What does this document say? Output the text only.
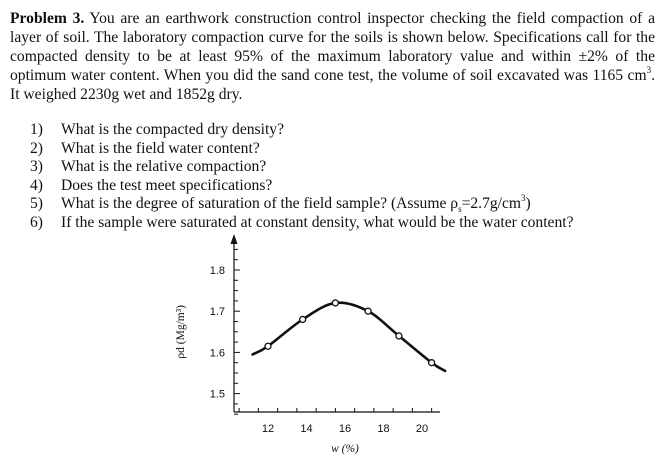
Problem 3. You are an earthwork construction control inspector checking the field compaction of a layer of soil. The laboratory compaction curve for the soils is shown below. Specifications call for the compacted density to be at least 95% of the maximum laboratory value and within ±2% of the optimum water content. When you did the sand cone test, the volume of soil excavated was 1165 $cm^3$. It weighed 2230g wet and 1852g dry.
1)	What is the compacted dry density?
2)	What is the field water content?
3)	What is the relative compaction?
4)	Does the test meet specifications?
5)	What is the degree of saturation of the field sample? (Assume $\rho_s=2.7g/cm^3$)
6)	If the sample were saturated at constant density, what would be the water content?
1.5
1.6
1.7
1.8
12 14 16 18 20
w (%)
ρd (Mg/m³)
